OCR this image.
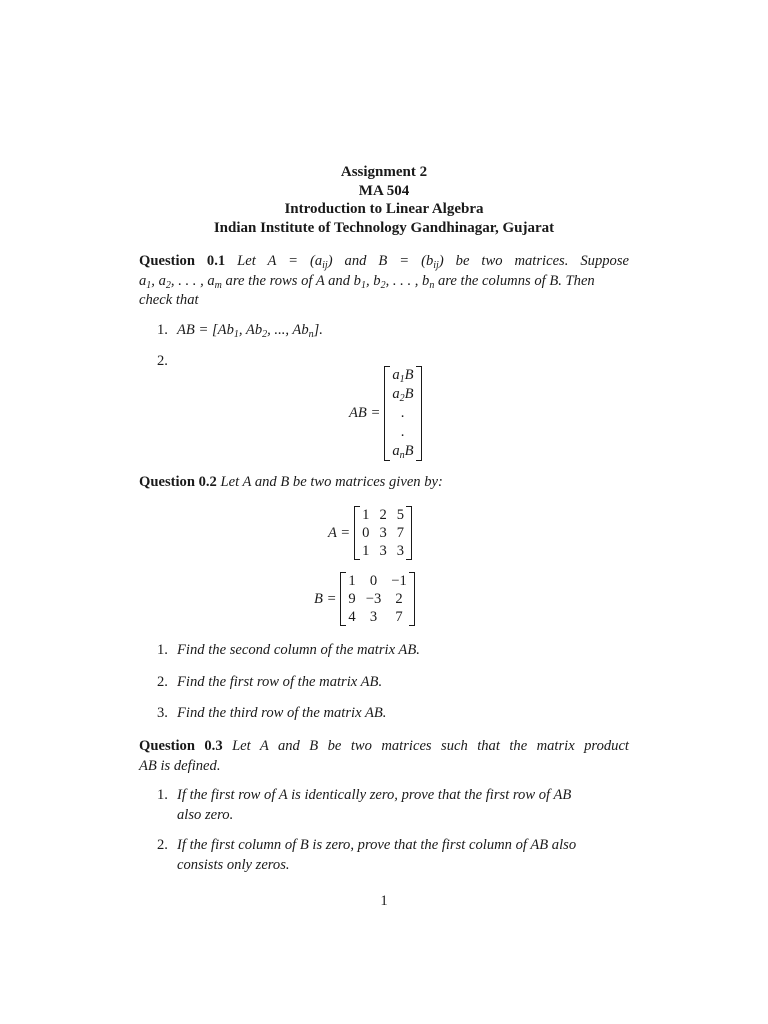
Assignment 2
MA 504
Introduction to Linear Algebra
Indian Institute of Technology Gandhinagar, Gujarat
Question 0.1 Let $A = (a_{ij})$ and $B = (b_{ij})$ be two matrices. Suppose
$a_1$, $a_2$, . . . , $a_m$ are the rows of A and $b_1$, $b_2$, . . . , $b_n$ are the columns of B. Then
check that
1. AB = [$Ab_1$, $Ab_2$, ..., $Ab_n$].
2.
AB =
$a_1B$
$a_2B$
.
.
$a_nB$
Question 0.2 Let A and B be two matrices given by:
A =
1	2	5
0	3	7
1	3	3
B =
1	0	−1
9	−3	2
4	3	7
1. Find the second column of the matrix AB.
2. Find the first row of the matrix AB.
3. Find the third row of the matrix AB.
Question 0.3 Let A and B be two matrices such that the matrix product
AB is defined.
1. If the first row of A is identically zero, prove that the first row of AB
also zero.
2. If the first column of B is zero, prove that the first column of AB also
consists only zeros.
1
